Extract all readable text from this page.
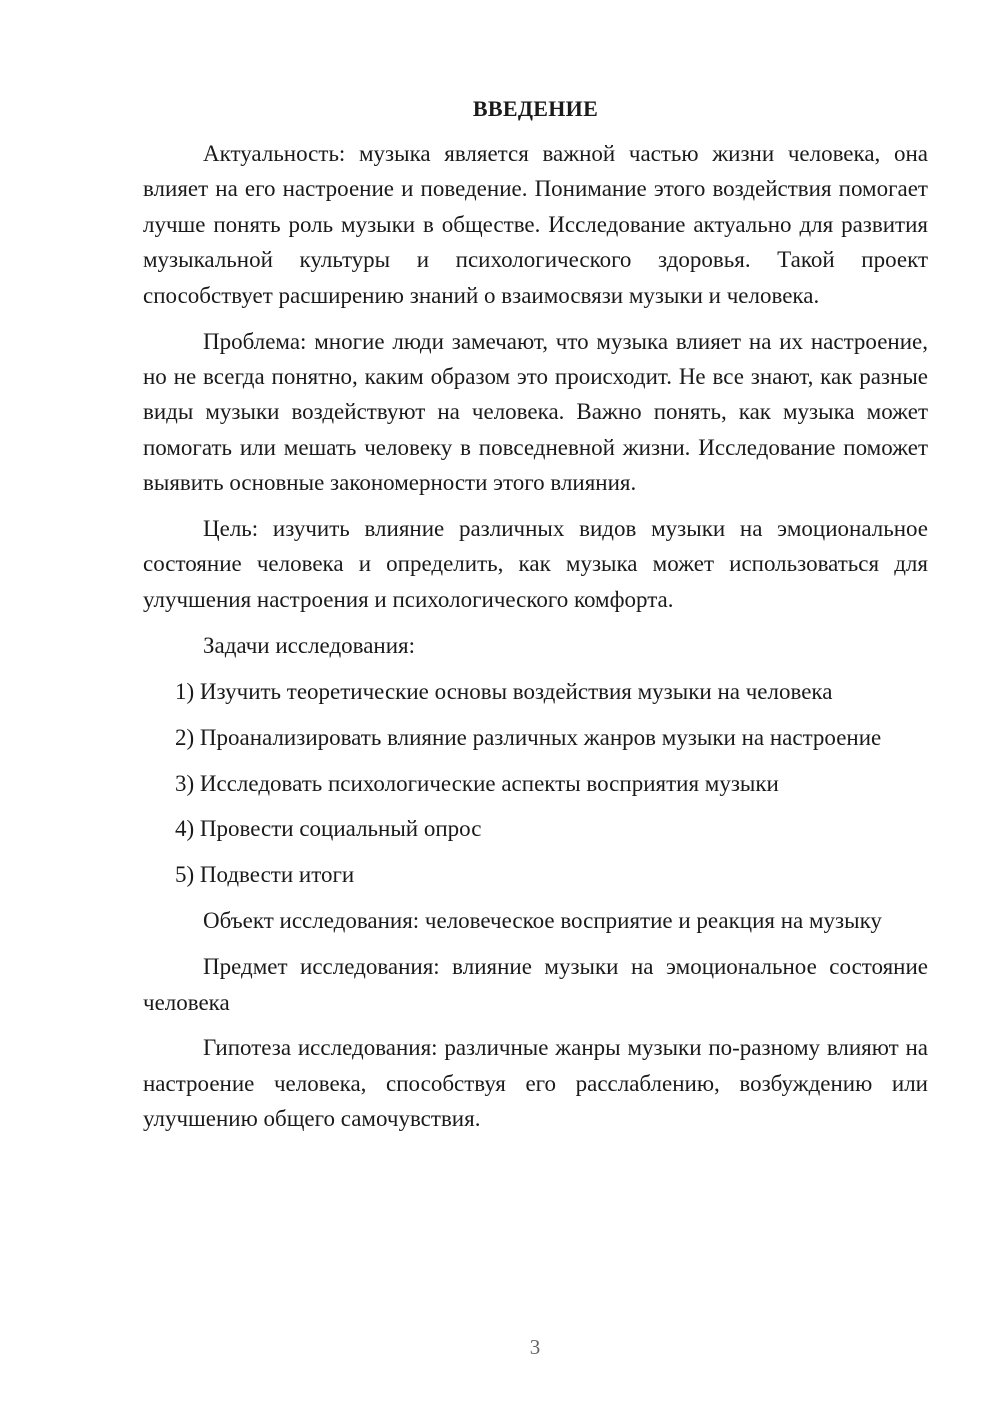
ВВЕДЕНИЕ

Актуальность: музыка является важной частью жизни человека, она влияет на его настроение и поведение. Понимание этого воздействия помогает лучше понять роль музыки в обществе. Исследование актуально для развития музыкальной культуры и психологического здоровья. Такой проект способствует расширению знаний о взаимосвязи музыки и человека.

Проблема: многие люди замечают, что музыка влияет на их настроение, но не всегда понятно, каким образом это происходит. Не все знают, как разные виды музыки воздействуют на человека. Важно понять, как музыка может помогать или мешать человеку в повседневной жизни. Исследование поможет выявить основные закономерности этого влияния.

Цель: изучить влияние различных видов музыки на эмоциональное состояние человека и определить, как музыка может использоваться для улучшения настроения и психологического комфорта.

Задачи исследования:

1) Изучить теоретические основы воздействия музыки на человека

2) Проанализировать влияние различных жанров музыки на настроение

3) Исследовать психологические аспекты восприятия музыки

4) Провести социальный опрос

5) Подвести итоги

Объект исследования: человеческое восприятие и реакция на музыку

Предмет исследования: влияние музыки на эмоциональное состояние человека

Гипотеза исследования: различные жанры музыки по-разному влияют на настроение человека, способствуя его расслаблению, возбуждению или улучшению общего самочувствия.

3
